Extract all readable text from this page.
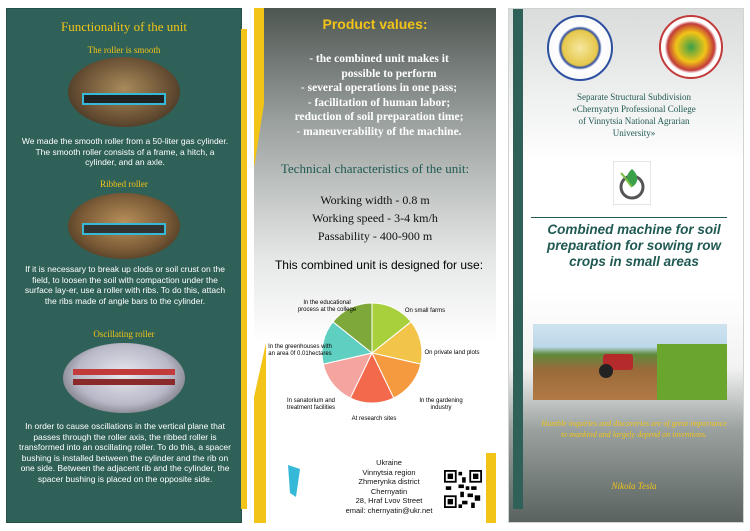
Functionality of the unit
The roller is smooth
We made the smooth roller from a 50-liter gas cylinder. The smooth roller consists of a frame, a hitch, a cylinder, and an axle.
Ribbed roller
If it is necessary to break up clods or soil crust on the field, to loosen the soil with compaction under the surface lay-er, use a roller with ribs. To do this, attach the ribs made of angle bars to the cylinder.
Oscillating roller
In order to cause oscillations in the vertical plane that passes through the roller axis, the ribbed roller is transformed into an oscillating roller. To do this, a spacer bushing is installed between the cylinder and the rib on one side. Between the adjacent rib and the cylinder, the spacer bushing is placed on the opposite side.
Product values:
- the combined unit makes it
possible to perform
- several operations in one pass;
- facilitation of human labor;
reduction of soil preparation time;
- maneuverability of the machine.
Technical characteristics of the unit:
Working width - 0.8 m
Working speed - 3-4 km/h
Passability - 400-900 m
This combined unit is designed for use:
On small farms
On private land plots
In the gardening industry
At research sites
In sanatorium and treatment facilities
In the greenhouses with an area 0f 0.01hectares
In the educational process at the college
Ukraine
Vinnytsia region
Zhmerynka district
Chernyatin
28, Hraf Lvov Street
email: chernyatin@ukr.net
Separate Structural Subdivision
«Chernyatyn Professional College
of Vinnytsia National Agrarian
University»
Combined machine for soil preparation for sowing row crops in small areas
Humble inquiries and discoveries are of great importance to mankind and largely depend on inventions.
Nikola Tesla
